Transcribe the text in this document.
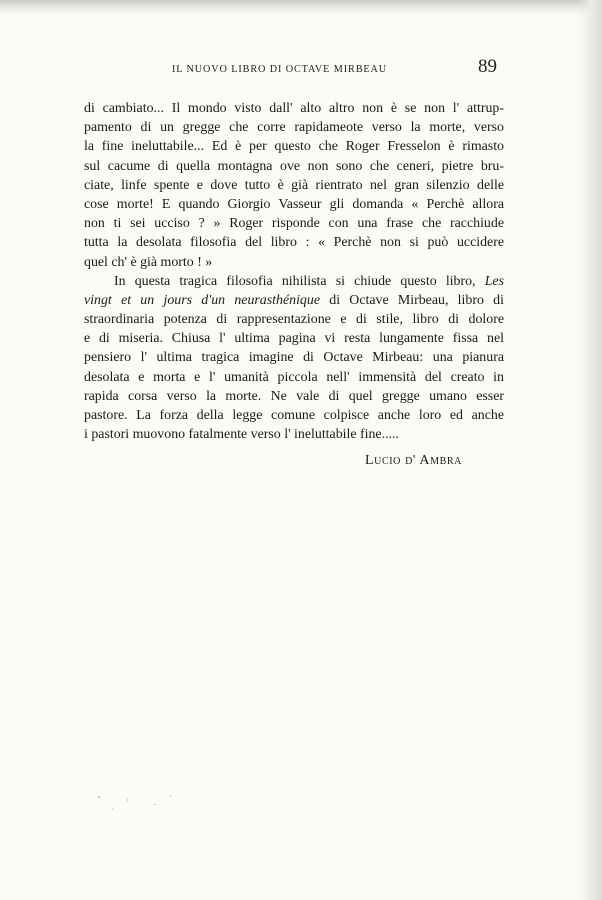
IL NUOVO LIBRO DI OCTAVE MIRBEAU	89
di cambiato... Il mondo visto dall' alto altro non è se non l' attrup-
pamento di un gregge che corre rapidameote verso la morte, verso
la fine ineluttabile... Ed è per questo che Roger Fresselon è rimasto
sul cacume di quella montagna ove non sono che ceneri, pietre bru-
ciate, linfe spente e dove tutto è già rientrato nel gran silenzio delle
cose morte! E quando Giorgio Vasseur gli domanda « Perchè allora
non ti sei ucciso ? » Roger risponde con una frase che racchiude
tutta la desolata filosofia del libro : « Perchè non si può uccidere
quel ch' è già morto ! »
In questa tragica filosofia nihilista si chiude questo libro, Les
vingt et un jours d'un neurasthénique di Octave Mirbeau, libro di
straordinaria potenza di rappresentazione e di stile, libro di dolore
e di miseria. Chiusa l' ultima pagina vi resta lungamente fissa nel
pensiero l' ultima tragica imagine di Octave Mirbeau: una pianura
desolata e morta e l' umanità piccola nell' immensità del creato in
rapida corsa verso la morte. Ne vale di quel gregge umano esser
pastore. La forza della legge comune colpisce anche loro ed anche
i pastori muovono fatalmente verso l' ineluttabile fine.....
Lucio d' Ambra
